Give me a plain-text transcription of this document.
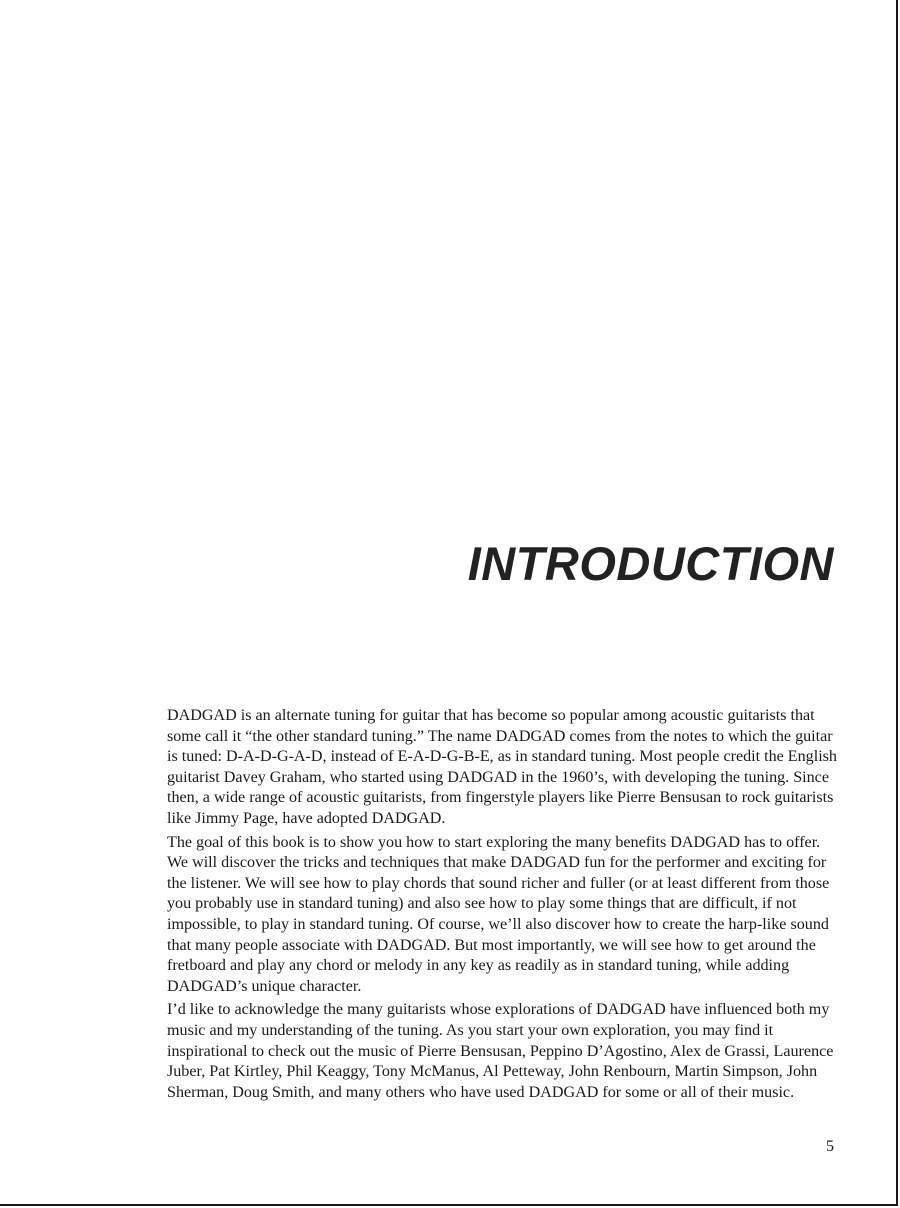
INTRODUCTION

DADGAD is an alternate tuning for guitar that has become so popular among acoustic guitarists that some call it “the other standard tuning.” The name DADGAD comes from the notes to which the guitar is tuned: D-A-D-G-A-D, instead of E-A-D-G-B-E, as in standard tuning. Most people credit the English guitarist Davey Graham, who started using DADGAD in the 1960’s, with developing the tuning. Since then, a wide range of acoustic guitarists, from fingerstyle players like Pierre Bensusan to rock guitarists like Jimmy Page, have adopted DADGAD.

The goal of this book is to show you how to start exploring the many benefits DADGAD has to offer. We will discover the tricks and techniques that make DADGAD fun for the performer and exciting for the listener. We will see how to play chords that sound richer and fuller (or at least different from those you probably use in standard tuning) and also see how to play some things that are difficult, if not impossible, to play in standard tuning. Of course, we’ll also discover how to create the harp-like sound that many people associate with DADGAD. But most importantly, we will see how to get around the fretboard and play any chord or melody in any key as readily as in standard tuning, while adding DADGAD’s unique character.

I’d like to acknowledge the many guitarists whose explorations of DADGAD have influenced both my music and my understanding of the tuning. As you start your own exploration, you may find it inspirational to check out the music of Pierre Bensusan, Peppino D’Agostino, Alex de Grassi, Laurence Juber, Pat Kirtley, Phil Keaggy, Tony McManus, Al Petteway, John Renbourn, Martin Simpson, John Sherman, Doug Smith, and many others who have used DADGAD for some or all of their music.

5
